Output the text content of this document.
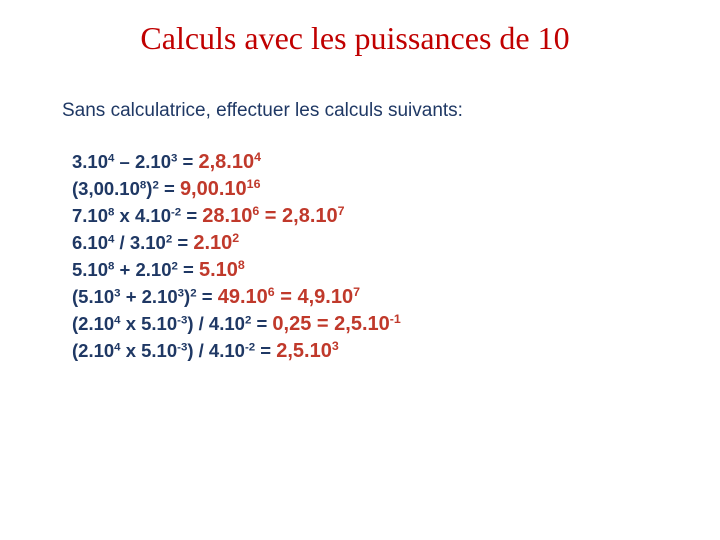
Calculs avec les puissances de 10
Sans calculatrice, effectuer les calculs suivants:
$3.10^4 - 2.10^3 = 2,8.10^4$
$(3,00.10^8)^2 = 9,00.10^{16}$
7.10$^8$ x $4.10^{-2} = 28.10^6 = 2,8.10^7$
$6.10^4 / 3.10^2 = 2.10^2$
$5.10^8 + 2.10^2 = 5.10^8$
$(5.10^3 + 2.10^3)^2 = 49.10^6 = 4,9.10^7$
(2.10$^4$ x $5.10^{-3}) / 4.10^2 = 0,25 = 2,5.10^{-1}$
(2.10$^4$ x $5.10^{-3}) / 4.10^{-2} = 2,5.10^3$
